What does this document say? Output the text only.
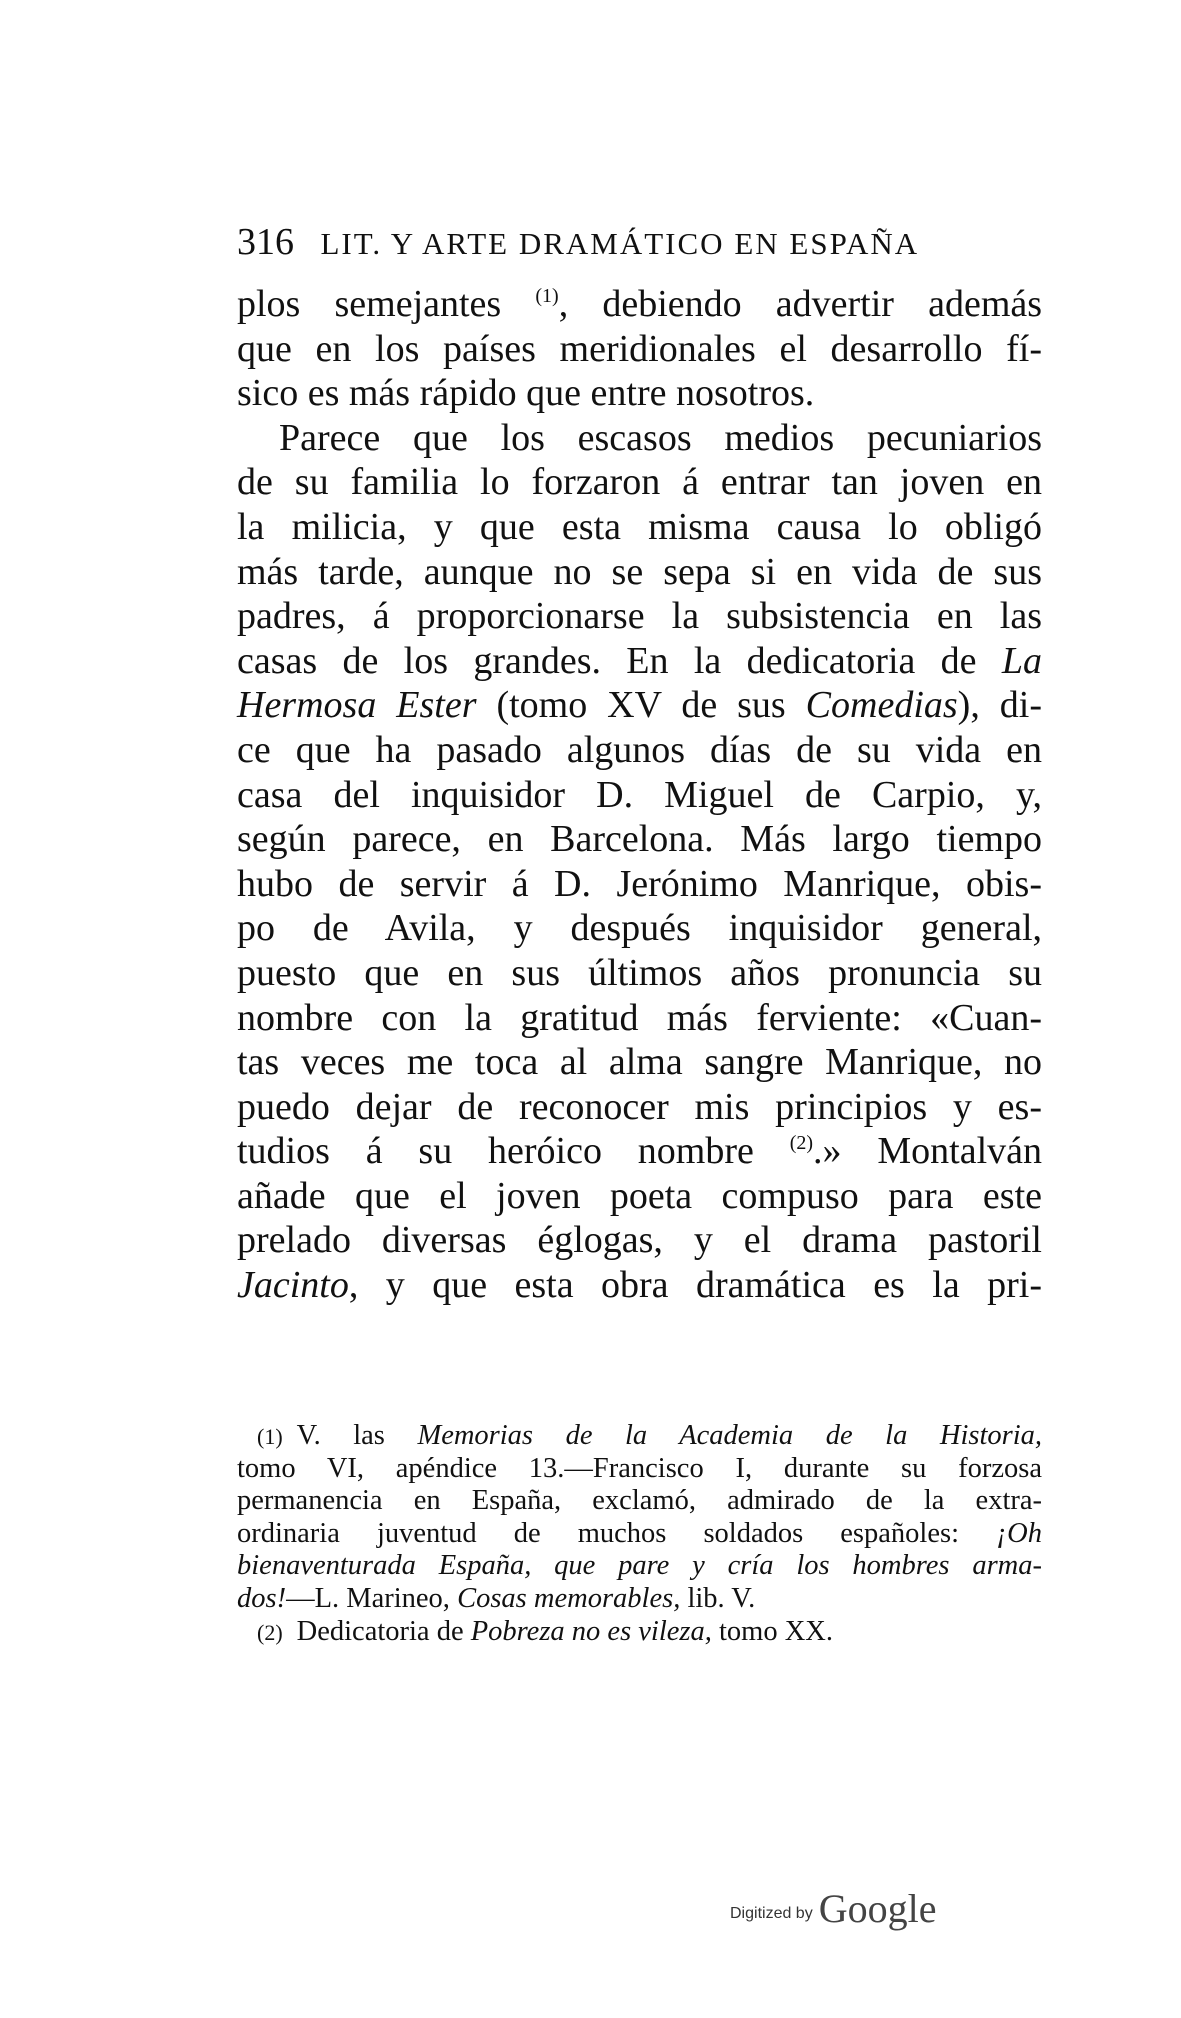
316 LIT. Y ARTE DRAMÁTICO EN ESPAÑA
plos semejantes $^{(1)}$, debiendo advertir además
que en los países meridionales el desarrollo fí-
sico es más rápido que entre nosotros.
Parece que los escasos medios pecuniarios
de su familia lo forzaron á entrar tan joven en
la milicia, y que esta misma causa lo obligó
más tarde, aunque no se sepa si en vida de sus
padres, á proporcionarse la subsistencia en las
casas de los grandes. En la dedicatoria de La
Hermosa Ester (tomo XV de sus Comedias), di-
ce que ha pasado algunos días de su vida en
casa del inquisidor D. Miguel de Carpio, y,
según parece, en Barcelona. Más largo tiempo
hubo de servir á D. Jerónimo Manrique, obis-
po de Avila, y después inquisidor general,
puesto que en sus últimos años pronuncia su
nombre con la gratitud más ferviente: «Cuan-
tas veces me toca al alma sangre Manrique, no
puedo dejar de reconocer mis principios y es-
tudios á su heróico nombre $^{(2)}$.» Montalván
añade que el joven poeta compuso para este
prelado diversas églogas, y el drama pastoril
Jacinto, y que esta obra dramática es la pri-
(1) V. las Memorias de la Academia de la Historia,
tomo VI, apéndice 13.—Francisco I, durante su forzosa
permanencia en España, exclamó, admirado de la extra-
ordinaria juventud de muchos soldados españoles: ¡Oh
bienaventurada España, que pare y cría los hombres arma-
dos!—L. Marineo, Cosas memorables, lib. V.
(2) Dedicatoria de Pobreza no es vileza, tomo XX.
Digitized by Google
